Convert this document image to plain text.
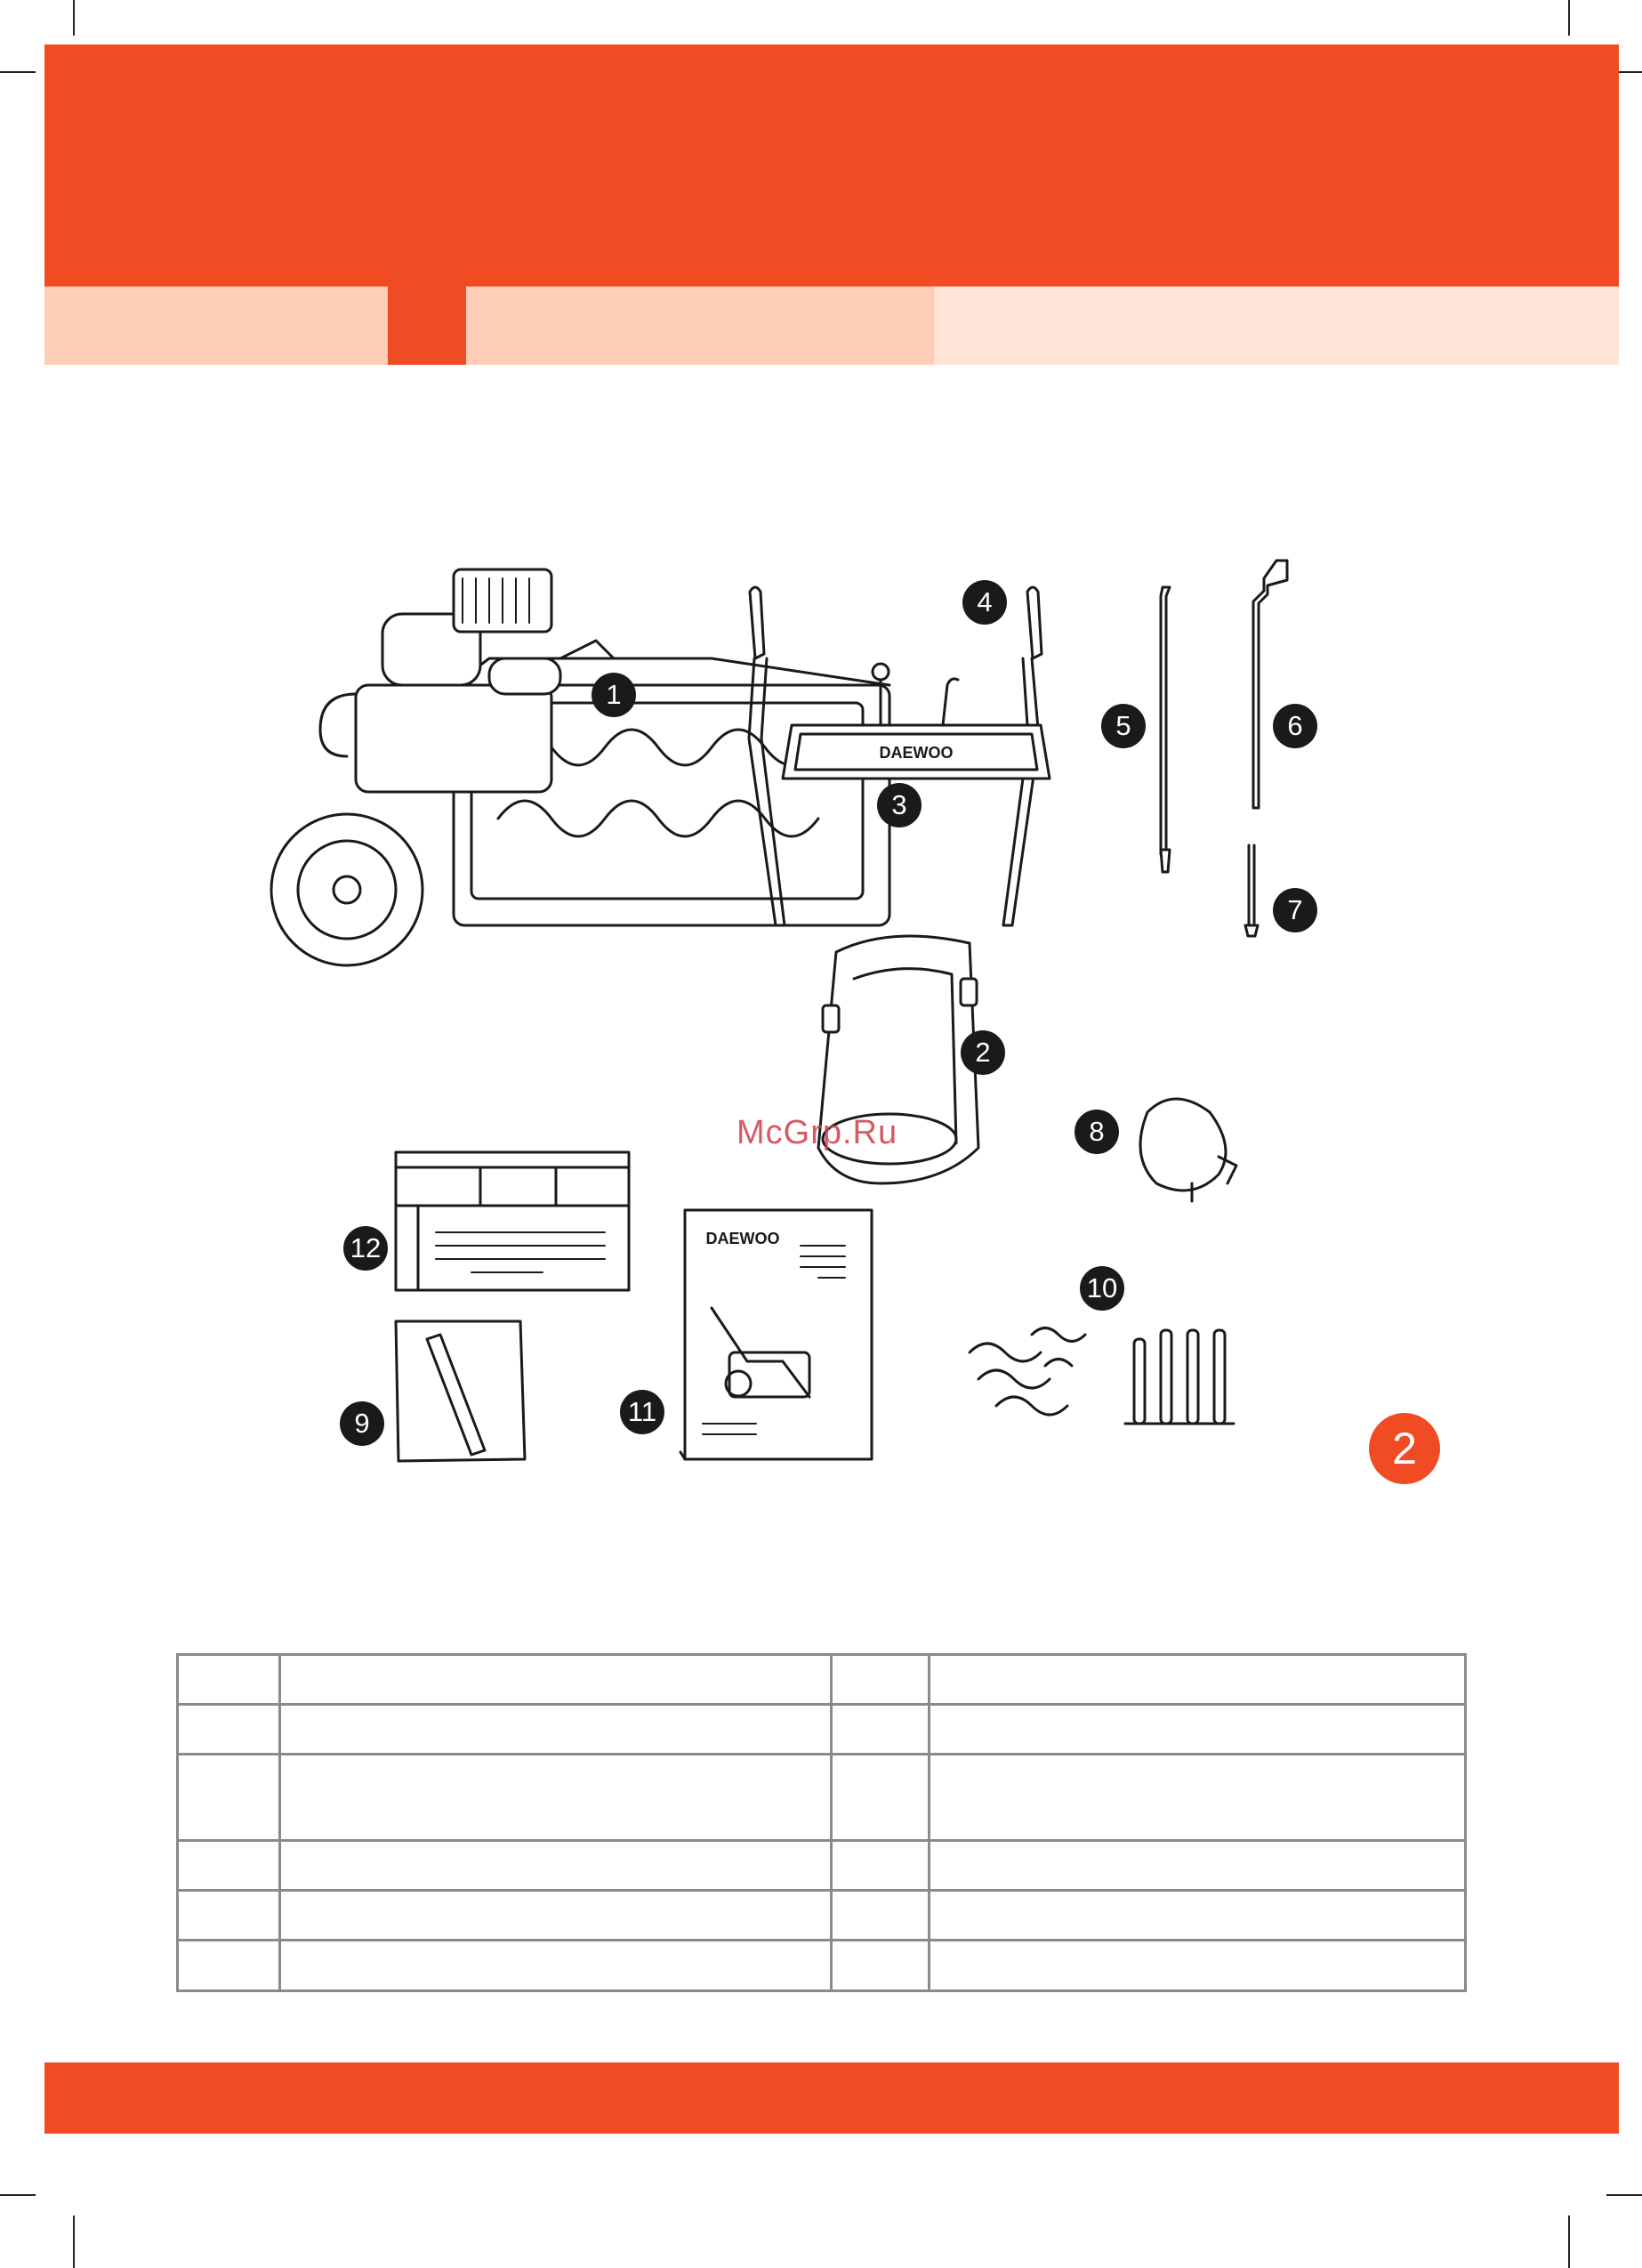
DAEWOO
DAEWOO
1
2
3
4
5	6
7
8
9
10
11
12
McGrp.Ru
2
